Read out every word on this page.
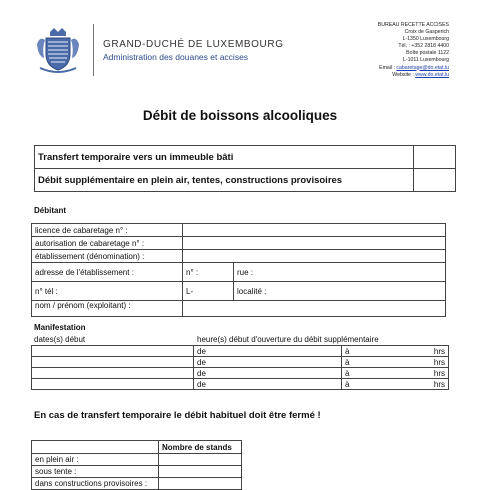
GRAND-DUCHÉ DE LUXEMBOURG
Administration des douanes et accises
BUREAU RECETTE ACCISES
Croix de Gasperich
L-1350 Luxembourg
Tél. : +352 2818 4400
Boîte postale 1122
L-1011 Luxembourg
Email : cabaretage@do.etat.lu
Website : www.do.etat.lu
Débit de boissons alcooliques
Transfert temporaire vers un immeuble bâti	
Débit supplémentaire en plein air, tentes, constructions provisoires	
Débitant
licence de cabaretage n° :		
autorisation de cabaretage n° :		
établissement (dénomination) :		
adresse de l'établissement :	n° :	rue :
n° tél :	L-	localité :
nom / prénom (exploitant) :		
Manifestation
dates(s) début	heure(s) début d'ouverture du débit supplémentaire
	de	à hrs

	de	à hrs

	de	à hrs

	de	à hrs
En cas de transfert temporaire le débit habituel doit être fermé !
	Nombre de stands
en plein air :	
sous tente :	
dans constructions provisoires :	
